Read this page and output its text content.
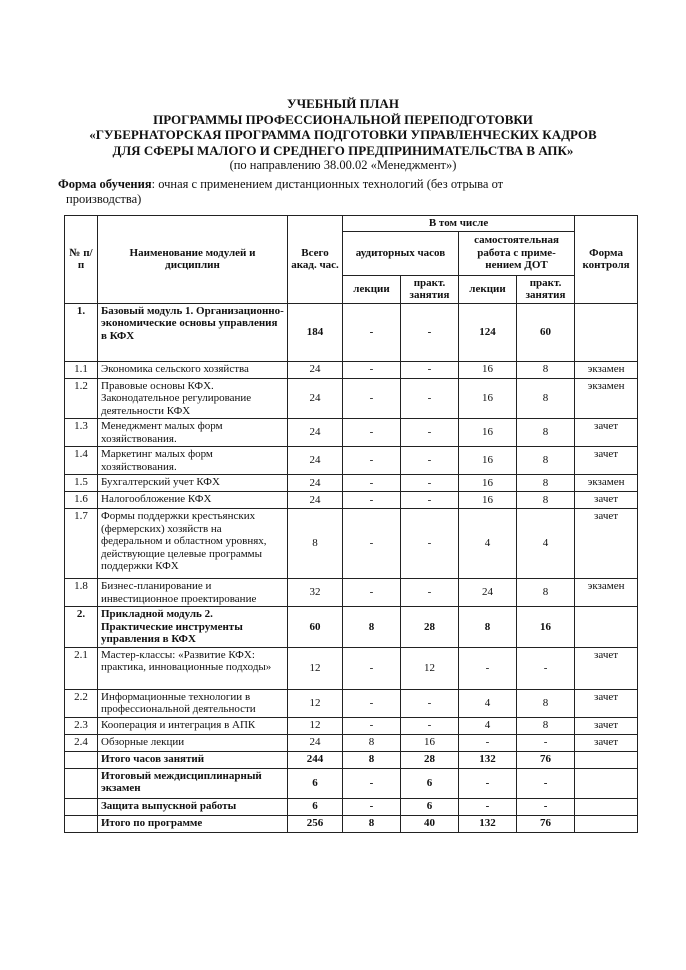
УЧЕБНЫЙ ПЛАН
ПРОГРАММЫ ПРОФЕССИОНАЛЬНОЙ ПЕРЕПОДГОТОВКИ
«ГУБЕРНАТОРСКАЯ ПРОГРАММА ПОДГОТОВКИ УПРАВЛЕНЧЕСКИХ КАДРОВ
ДЛЯ СФЕРЫ МАЛОГО И СРЕДНЕГО ПРЕДПРИНИМАТЕЛЬСТВА В АПК»
(по направлению 38.00.02 «Менеджмент»)
Форма обучения: очная с применением дистанционных технологий (без отрыва от
производства)
№ п/п	Наименование модулей и дисциплин	Всего акад. час.	В том числе				Форма контроля
			аудиторных часов		самостоятельная работа с приме-нением ДОТ		
			лекции	практ. занятия	лекции	практ. занятия	
1.	Базовый модуль 1. Организационно-экономические основы управления в КФХ	184	-	-	124	60	
1.1	Экономика сельского хозяйства	24	-	-	16	8	экзамен
1.2	Правовые основы КФХ. Законодательное регулирование деятельности КФХ	24	-	-	16	8	экзамен
1.3	Менеджмент малых форм хозяйствования.	24	-	-	16	8	зачет
1.4	Маркетинг малых форм хозяйствования.	24	-	-	16	8	зачет
1.5	Бухгалтерский учет КФХ	24	-	-	16	8	экзамен
1.6	Налогообложение КФХ	24	-	-	16	8	зачет
1.7	Формы поддержки крестьянских (фермерских) хозяйств на федеральном и областном уровнях, действующие целевые программы поддержки КФХ	8	-	-	4	4	зачет
1.8	Бизнес-планирование и инвестиционное проектирование	32	-	-	24	8	экзамен
2.	Прикладной модуль 2. Практические инструменты управления в КФХ	60	8	28	8	16	
2.1	Мастер-классы: «Развитие КФХ: практика, инновационные подходы»	12	-	12	-	-	зачет
2.2	Информационные технологии в профессиональной деятельности	12	-	-	4	8	зачет
2.3	Кооперация и интеграция в АПК	12	-	-	4	8	зачет
2.4	Обзорные лекции	24	8	16	-	-	зачет
	Итого часов занятий	244	8	28	132	76	
	Итоговый междисциплинарный экзамен	6	-	6	-	-	
	Защита выпускной работы	6	-	6	-	-	
	Итого по программе	256	8	40	132	76	
